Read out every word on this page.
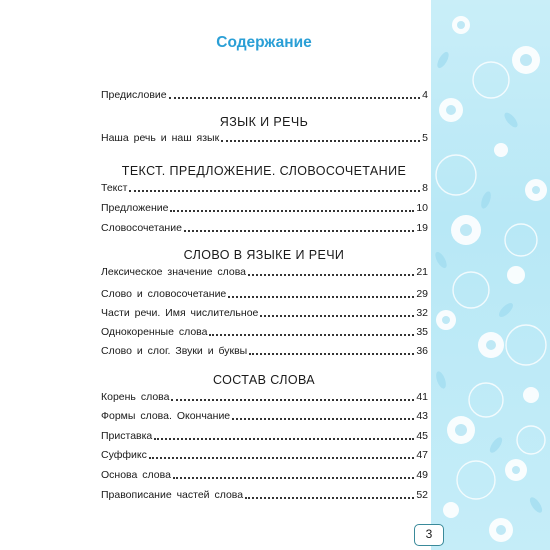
Содержание
Предисловие	4
ЯЗЫК И РЕЧЬ
Наша речь и наш язык	5
ТЕКСТ. ПРЕДЛОЖЕНИЕ. СЛОВОСОЧЕТАНИЕ
Текст	8
Предложение	10
Словосочетание	19
СЛОВО В ЯЗЫКЕ И РЕЧИ
Лексическое значение слова	21
Слово и словосочетание	29
Части речи. Имя числительное	32
Однокоренные слова	35
Слово и слог. Звуки и буквы	36
СОСТАВ СЛОВА
Корень слова	41
Формы слова. Окончание	43
Приставка	45
Суффикс	47
Основа слова	49
Правописание частей слова	52
3
